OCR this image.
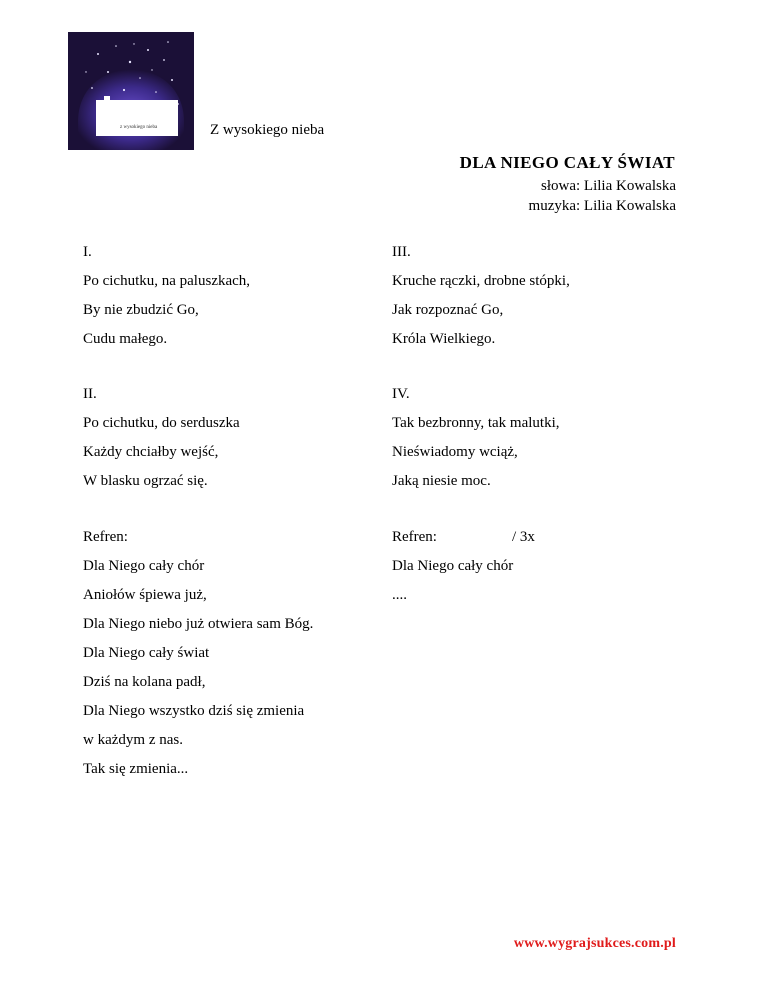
z wysokiego nieba	Z wysokiego nieba
DLA NIEGO CAŁY ŚWIAT
słowa: Lilia Kowalska
muzyka: Lilia Kowalska
I.
Po cichutku, na paluszkach,
By nie zbudzić Go,
Cudu małego.
II.
Po cichutku, do serduszka
Każdy chciałby wejść,
W blasku ogrzać się.
Refren:
Dla Niego cały chór
Aniołów śpiewa już,
Dla Niego niebo już otwiera sam Bóg.
Dla Niego cały świat
Dziś na kolana padł,
Dla Niego wszystko dziś się zmienia
w każdym z nas.
Tak się zmienia...
III.
Kruche rączki, drobne stópki,
Jak rozpoznać Go,
Króla Wielkiego.
IV.
Tak bezbronny, tak malutki,
Nieświadomy wciąż,
Jaką niesie moc.
Refren:	/ 3x
Dla Niego cały chór
....
www.wygrajsukces.com.pl
